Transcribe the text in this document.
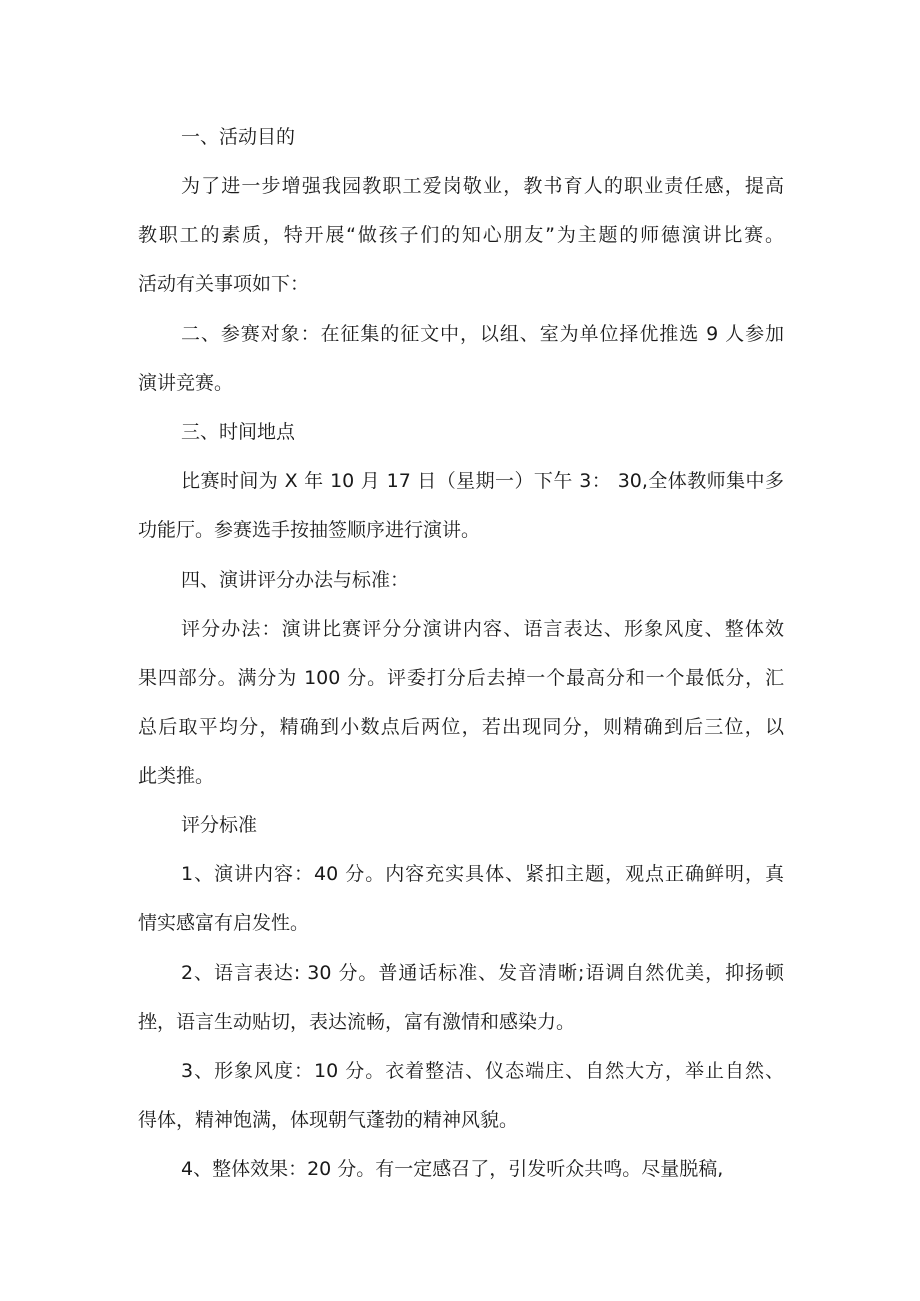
一、活动目的
为了进一步增强我园教职工爱岗敬业，教书育人的职业责任感，提高
教职工的素质，特开展“做孩子们的知心朋友”为主题的师德演讲比赛。
活动有关事项如下：
二、参赛对象：在征集的征文中，以组、室为单位择优推选 9 人参加
演讲竞赛。
三、时间地点
比赛时间为 X 年 10 月 17 日（星期一）下午 3： 30,全体教师集中多
功能厅。参赛选手按抽签顺序进行演讲。
四、演讲评分办法与标准：
评分办法：演讲比赛评分分演讲内容、语言表达、形象风度、整体效
果四部分。满分为 100 分。评委打分后去掉一个最高分和一个最低分，汇
总后取平均分，精确到小数点后两位，若出现同分，则精确到后三位，以
此类推。
评分标准
1、演讲内容：40 分。内容充实具体、紧扣主题，观点正确鲜明，真
情实感富有启发性。
2、语言表达: 30 分。普通话标准、发音清晰;语调自然优美，抑扬顿
挫，语言生动贴切，表达流畅，富有激情和感染力。
3、形象风度：10 分。衣着整洁、仪态端庄、自然大方，举止自然、
得体，精神饱满，体现朝气蓬勃的精神风貌。
4、整体效果：20 分。有一定感召了，引发听众共鸣。尽量脱稿,
